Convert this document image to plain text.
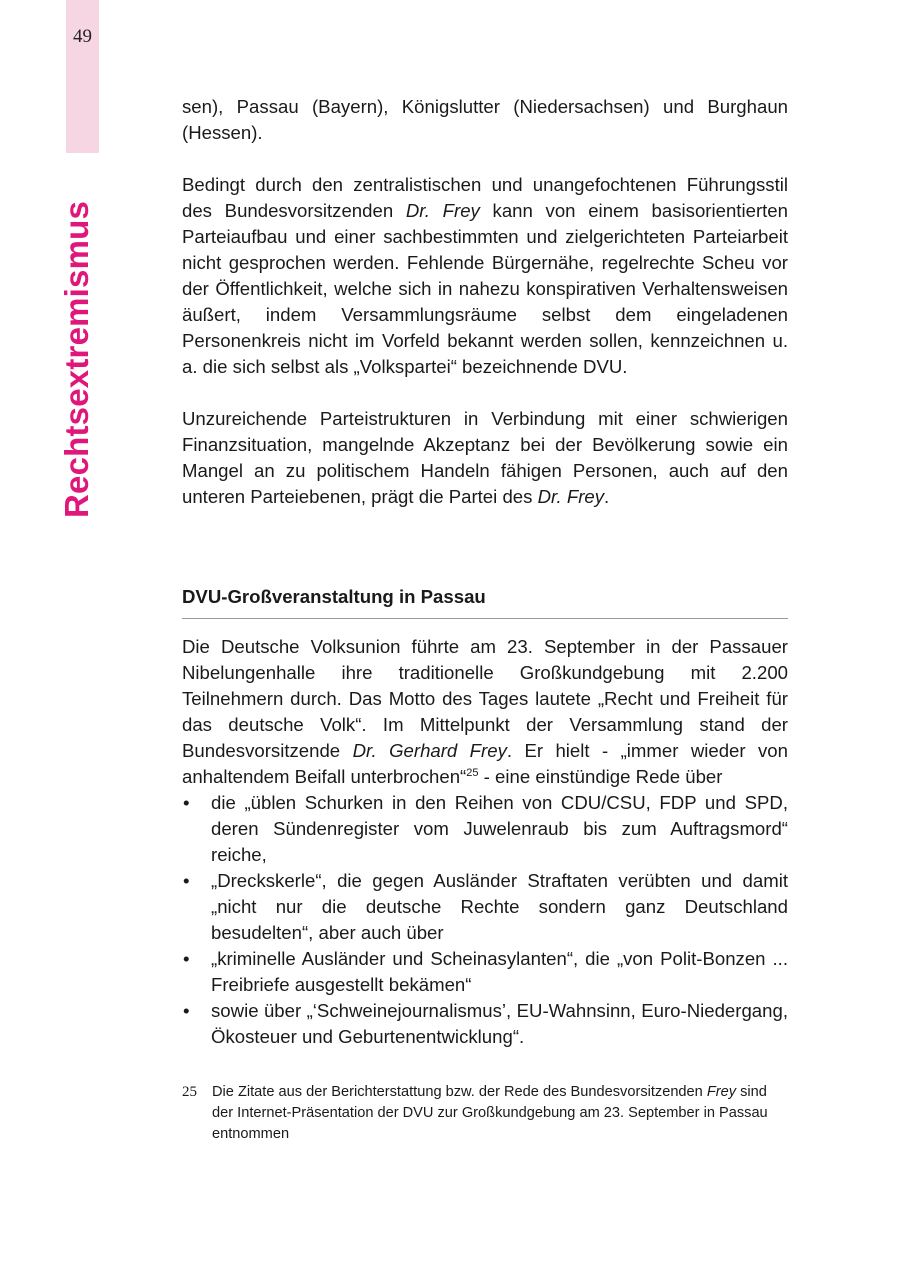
49
Rechtsextremismus

sen), Passau (Bayern), Königslutter (Niedersachsen) und Burghaun (Hessen).

Bedingt durch den zentralistischen und unangefochtenen Führungsstil des Bundesvorsitzenden Dr. Frey kann von einem basisorientierten Parteiaufbau und einer sachbestimmten und zielgerichteten Parteiarbeit nicht gesprochen werden. Fehlende Bürgernähe, regelrechte Scheu vor der Öffentlichkeit, welche sich in nahezu konspirativen Verhaltensweisen äußert, indem Versammlungsräume selbst dem eingeladenen Personenkreis nicht im Vorfeld bekannt werden sollen, kennzeichnen u. a. die sich selbst als „Volkspartei“ bezeichnende DVU.

Unzureichende Parteistrukturen in Verbindung mit einer schwierigen Finanzsituation, mangelnde Akzeptanz bei der Bevölkerung sowie ein Mangel an zu politischem Handeln fähigen Personen, auch auf den unteren Parteiebenen, prägt die Partei des Dr. Frey.

DVU-Großveranstaltung in Passau

Die Deutsche Volksunion führte am 23. September in der Passauer Nibelungenhalle ihre traditionelle Großkundgebung mit 2.200 Teilnehmern durch. Das Motto des Tages lautete „Recht und Freiheit für das deutsche Volk“. Im Mittelpunkt der Versammlung stand der Bundesvorsitzende Dr. Gerhard Frey. Er hielt - „immer wieder von anhaltendem Beifall unterbrochen“$^{25}$ - eine einstündige Rede über

• die „üblen Schurken in den Reihen von CDU/CSU, FDP und SPD, deren Sündenregister vom Juwelenraub bis zum Auftragsmord“ reiche,
• „Dreckskerle“, die gegen Ausländer Straftaten verübten und damit „nicht nur die deutsche Rechte sondern ganz Deutschland besudelten“, aber auch über
• „kriminelle Ausländer und Scheinasylanten“, die „von Polit-Bonzen ... Freibriefe ausgestellt bekämen“
• sowie über „‘Schweinejournalismus’, EU-Wahnsinn, Euro-Niedergang, Ökosteuer und Geburtenentwicklung“.
25 Die Zitate aus der Berichterstattung bzw. der Rede des Bundesvorsitzenden Frey sind der Internet-Präsentation der DVU zur Großkundgebung am 23. September in Passau entnommen
